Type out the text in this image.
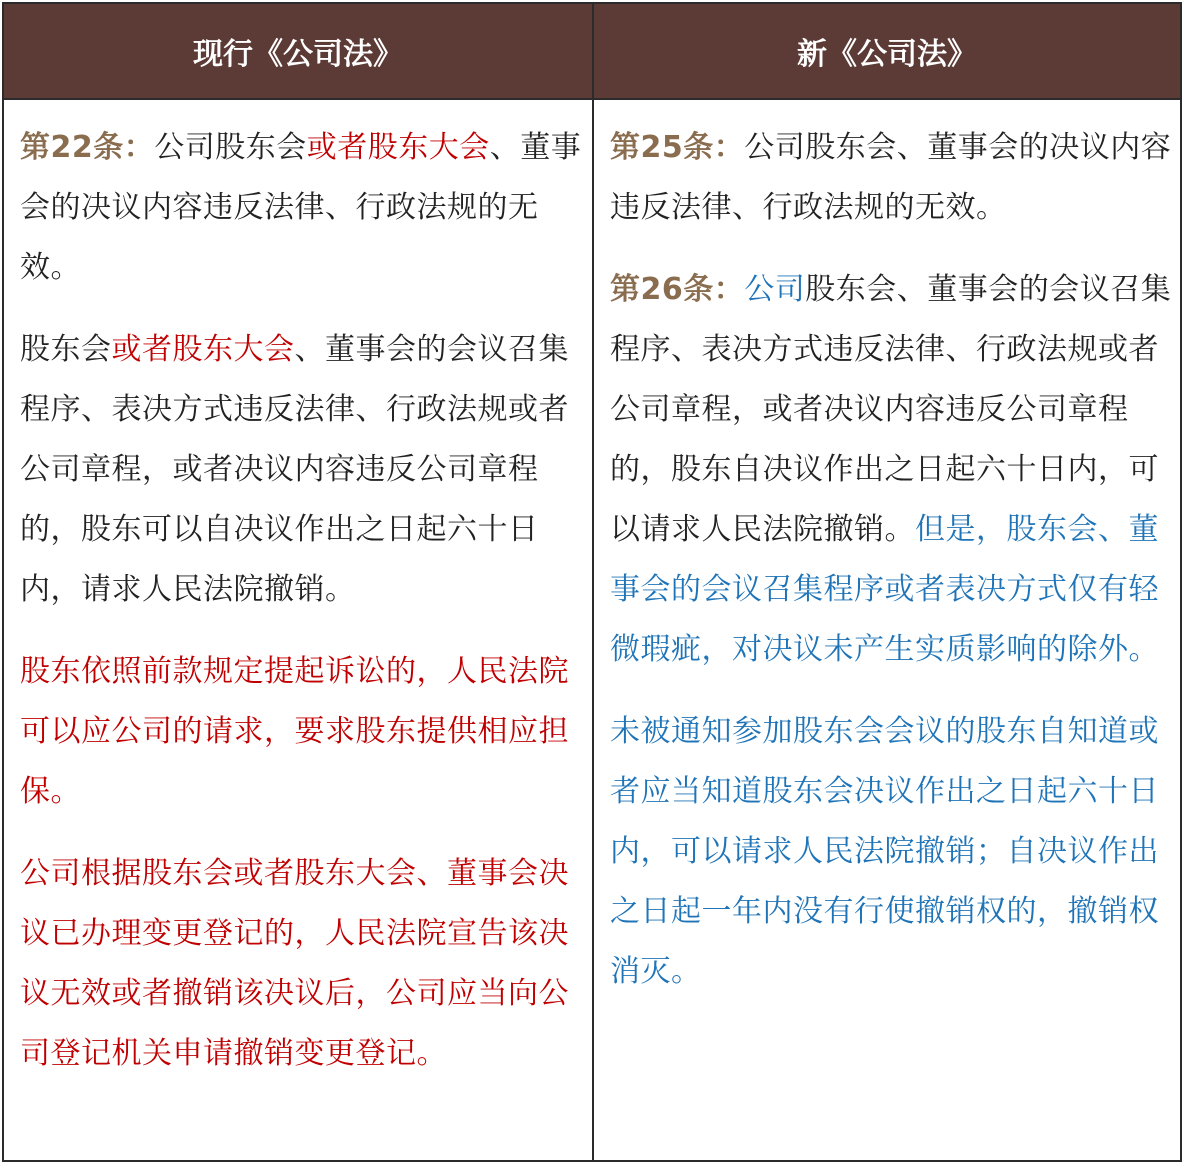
现行《公司法》	新《公司法》

第22条：公司股东会或者股东大会、董事会的决议内容违反法律、行政法规的无效。

股东会或者股东大会、董事会的会议召集程序、表决方式违反法律、行政法规或者公司章程，或者决议内容违反公司章程的，股东可以自决议作出之日起六十日内，请求人民法院撤销。

股东依照前款规定提起诉讼的，人民法院可以应公司的请求，要求股东提供相应担保。

公司根据股东会或者股东大会、董事会决议已办理变更登记的，人民法院宣告该决议无效或者撤销该决议后，公司应当向公司登记机关申请撤销变更登记。

第25条：公司股东会、董事会的决议内容违反法律、行政法规的无效。

第26条：公司股东会、董事会的会议召集程序、表决方式违反法律、行政法规或者公司章程，或者决议内容违反公司章程的，股东自决议作出之日起六十日内，可以请求人民法院撤销。但是，股东会、董事会的会议召集程序或者表决方式仅有轻微瑕疵，对决议未产生实质影响的除外。

未被通知参加股东会会议的股东自知道或者应当知道股东会决议作出之日起六十日内，可以请求人民法院撤销；自决议作出之日起一年内没有行使撤销权的，撤销权消灭。
